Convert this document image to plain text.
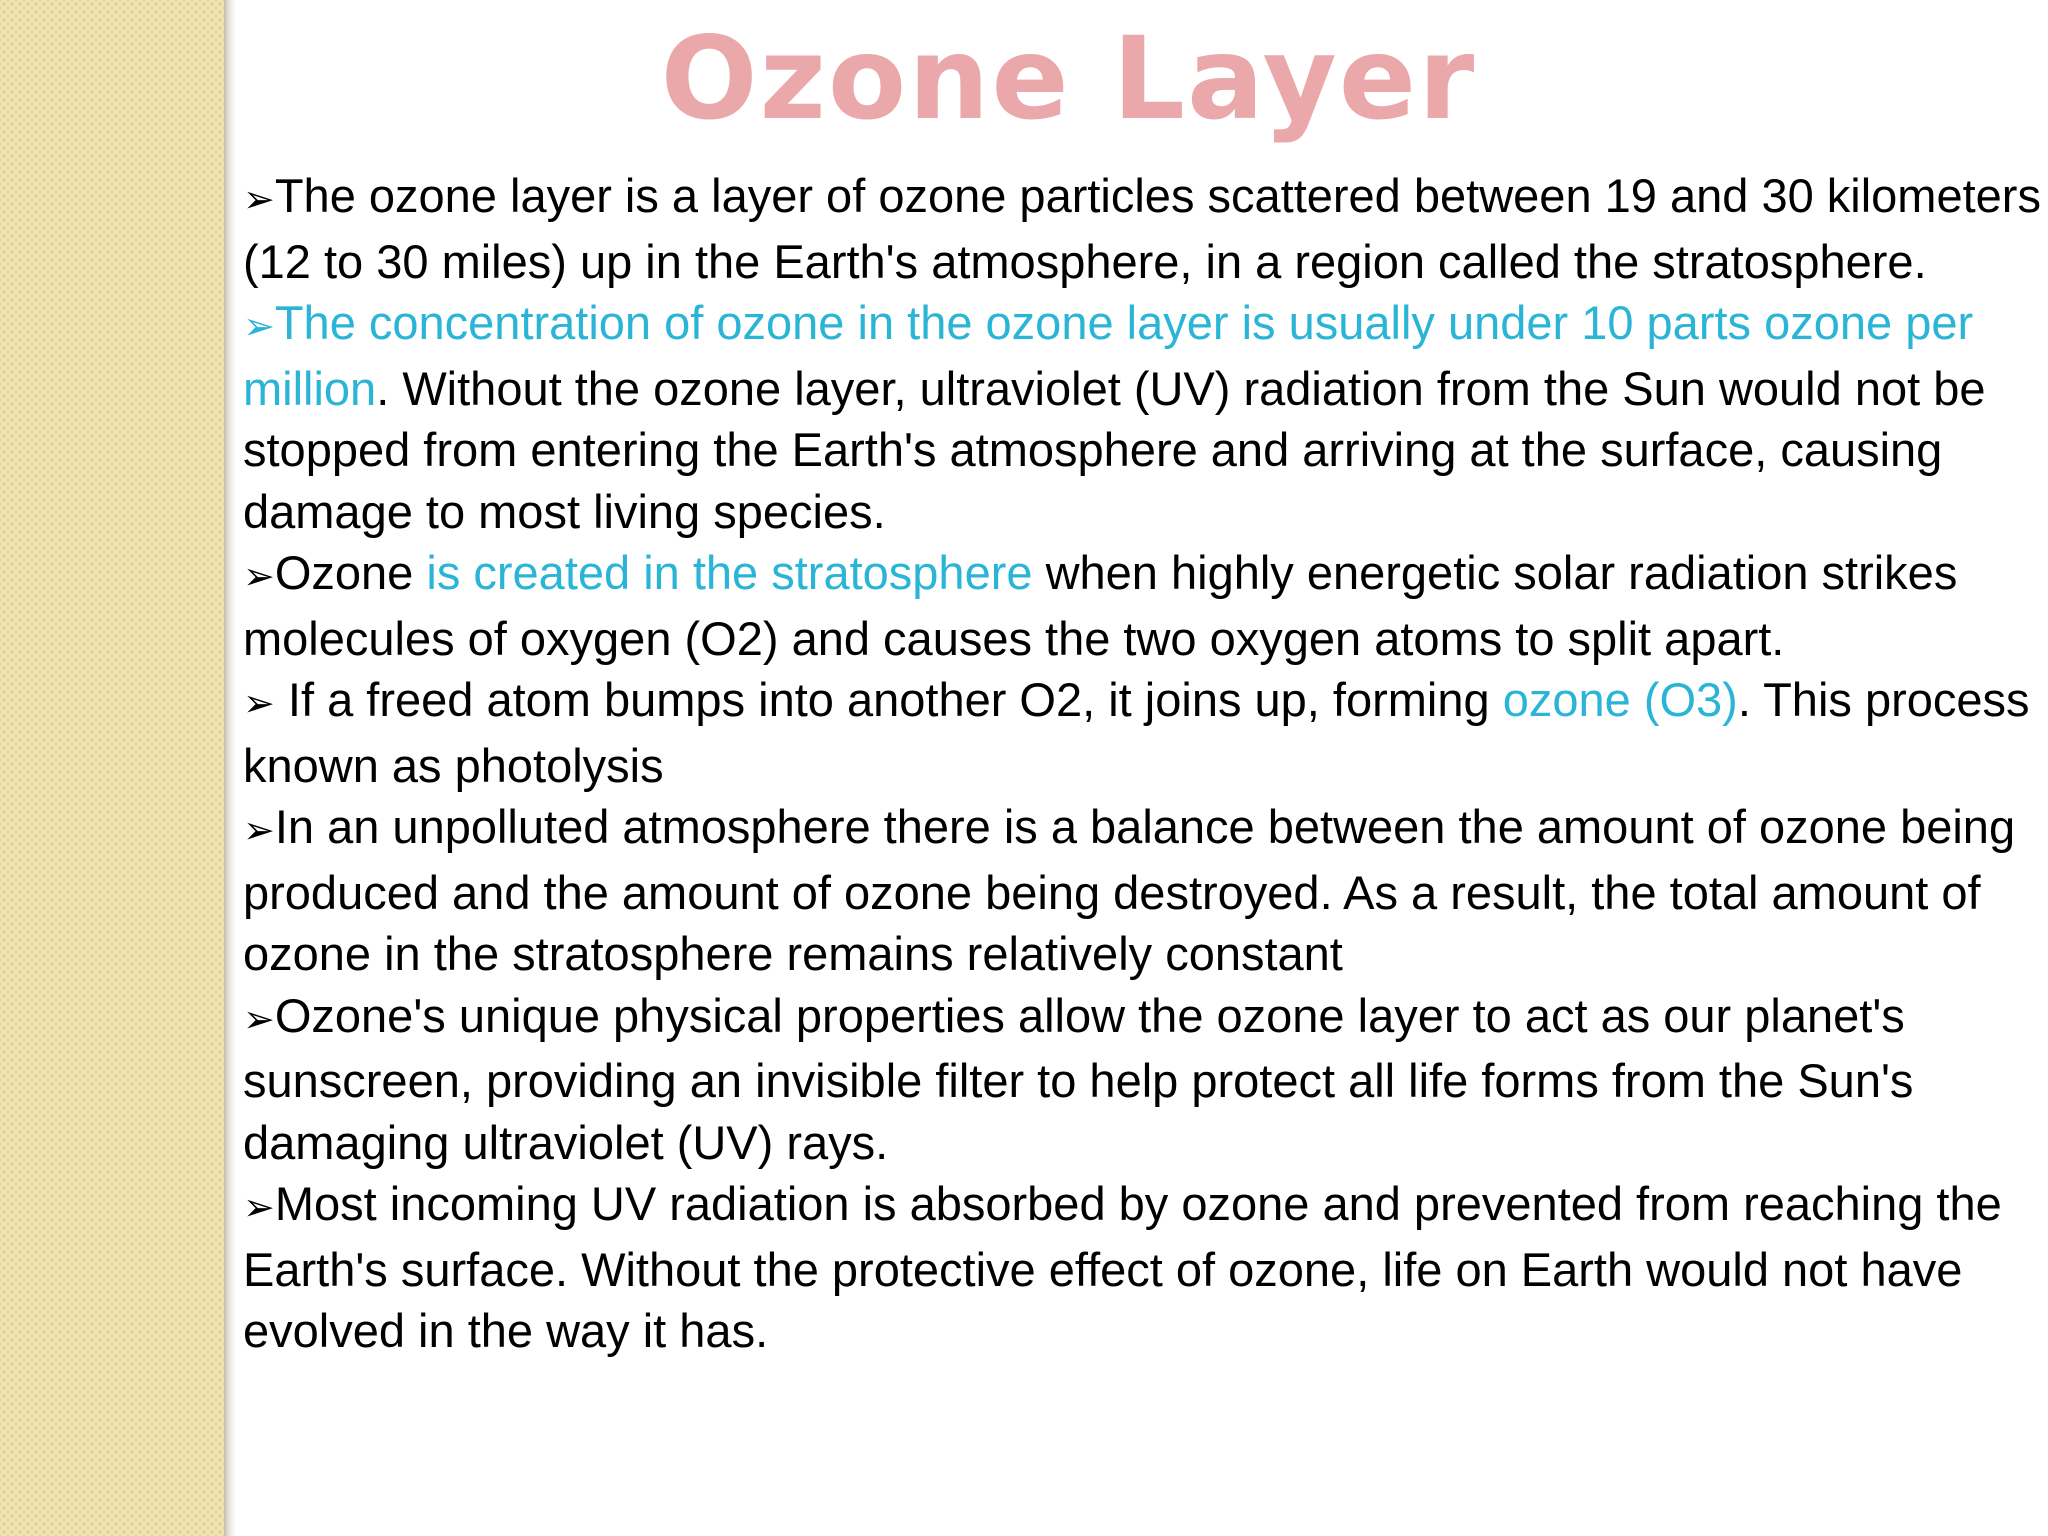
Ozone Layer

➢The ozone layer is a layer of ozone particles scattered between 19 and 30 kilometers (12 to 30 miles) up in the Earth's atmosphere, in a region called the stratosphere.

➢The concentration of ozone in the ozone layer is usually under 10 parts ozone per million. Without the ozone layer, ultraviolet (UV) radiation from the Sun would not be stopped from entering the Earth's atmosphere and arriving at the surface, causing damage to most living species.

➢Ozone is created in the stratosphere when highly energetic solar radiation strikes molecules of oxygen (O2) and causes the two oxygen atoms to split apart.

➢ If a freed atom bumps into another O2, it joins up, forming ozone (O3). This process known as photolysis

➢In an unpolluted atmosphere there is a balance between the amount of ozone being produced and the amount of ozone being destroyed. As a result, the total amount of ozone in the stratosphere remains relatively constant

➢Ozone's unique physical properties allow the ozone layer to act as our planet's sunscreen, providing an invisible filter to help protect all life forms from the Sun's damaging ultraviolet (UV) rays.

➢Most incoming UV radiation is absorbed by ozone and prevented from reaching the Earth's surface. Without the protective effect of ozone, life on Earth would not have evolved in the way it has.
